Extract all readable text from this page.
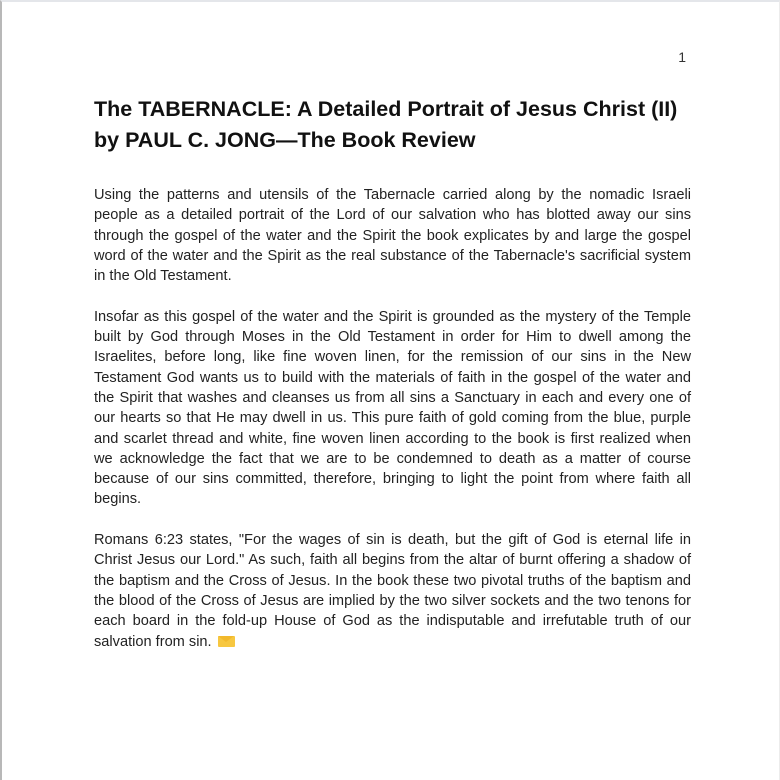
1
The TABERNACLE: A Detailed Portrait of Jesus Christ (II) by PAUL C. JONG—The Book Review

Using the patterns and utensils of the Tabernacle carried along by the nomadic Israeli people as a detailed portrait of the Lord of our salvation who has blotted away our sins through the gospel of the water and the Spirit the book explicates by and large the gospel word of the water and the Spirit as the real substance of the Tabernacle's sacrificial system in the Old Testament.

Insofar as this gospel of the water and the Spirit is grounded as the mystery of the Temple built by God through Moses in the Old Testament in order for Him to dwell among the Israelites, before long, like fine woven linen, for the remission of our sins in the New Testament God wants us to build with the materials of faith in the gospel of the water and the Spirit that washes and cleanses us from all sins a Sanctuary in each and every one of our hearts so that He may dwell in us. This pure faith of gold coming from the blue, purple and scarlet thread and white, fine woven linen according to the book is first realized when we acknowledge the fact that we are to be condemned to death as a matter of course because of our sins committed, therefore, bringing to light the point from where faith all begins.

Romans 6:23 states, "For the wages of sin is death, but the gift of God is eternal life in Christ Jesus our Lord." As such, faith all begins from the altar of burnt offering a shadow of the baptism and the Cross of Jesus. In the book these two pivotal truths of the baptism and the blood of the Cross of Jesus are implied by the two silver sockets and the two tenons for each board in the fold-up House of God as the indisputable and irrefutable truth of our salvation from sin.
